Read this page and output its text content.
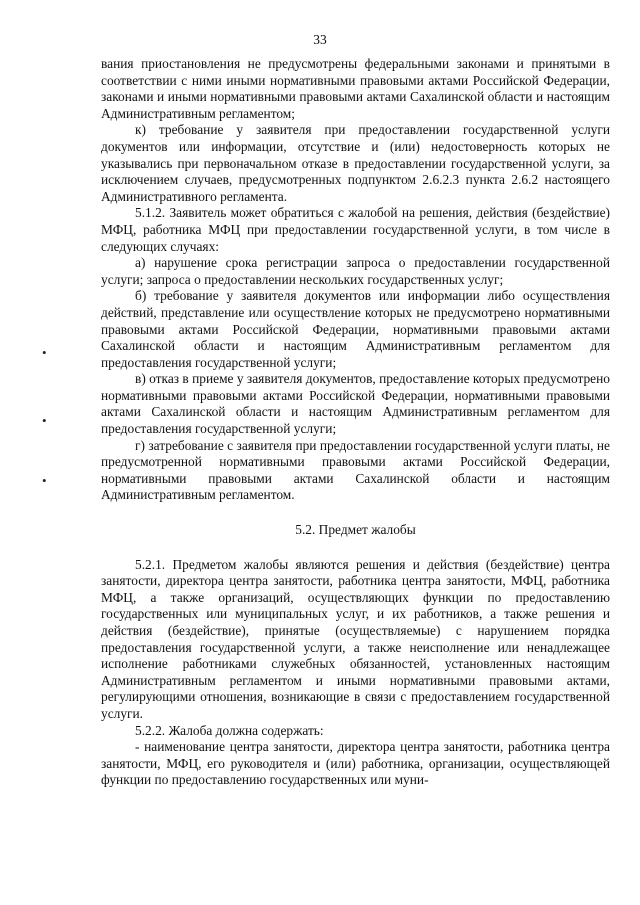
33
•
•
•

вания приостановления не предусмотрены федеральными законами и принятыми в соответствии с ними иными нормативными правовыми актами Российской Федерации, законами и иными нормативными правовыми актами Сахалинской области и настоящим Административным регламентом;

к) требование у заявителя при предоставлении государственной услуги документов или информации, отсутствие и (или) недостоверность которых не указывались при первоначальном отказе в предоставлении государственной услуги, за исключением случаев, предусмотренных подпунктом 2.6.2.3 пункта 2.6.2 настоящего Административного регламента.

5.1.2. Заявитель может обратиться с жалобой на решения, действия (бездействие) МФЦ, работника МФЦ при предоставлении государственной услуги, в том числе в следующих случаях:

а) нарушение срока регистрации запроса о предоставлении государственной услуги; запроса о предоставлении нескольких государственных услуг;

б) требование у заявителя документов или информации либо осуществления действий, представление или осуществление которых не предусмотрено нормативными правовыми актами Российской Федерации, нормативными правовыми актами Сахалинской области и настоящим Административным регламентом для предоставления государственной услуги;

в) отказ в приеме у заявителя документов, предоставление которых предусмотрено нормативными правовыми актами Российской Федерации, нормативными правовыми актами Сахалинской области и настоящим Административным регламентом для предоставления государственной услуги;

г) затребование с заявителя при предоставлении государственной услуги платы, не предусмотренной нормативными правовыми актами Российской Федерации, нормативными правовыми актами Сахалинской области и настоящим Административным регламентом.

5.2. Предмет жалобы

5.2.1. Предметом жалобы являются решения и действия (бездействие) центра занятости, директора центра занятости, работника центра занятости, МФЦ, работника МФЦ, а также организаций, осуществляющих функции по предоставлению государственных или муниципальных услуг, и их работников, а также решения и действия (бездействие), принятые (осуществляемые) с нарушением порядка предоставления государственной услуги, а также неисполнение или ненадлежащее исполнение работниками служебных обязанностей, установленных настоящим Административным регламентом и иными нормативными правовыми актами, регулирующими отношения, возникающие в связи с предоставлением государственной услуги.

5.2.2. Жалоба должна содержать:

- наименование центра занятости, директора центра занятости, работника центра занятости, МФЦ, его руководителя и (или) работника, организации, осуществляющей функции по предоставлению государственных или муни-
